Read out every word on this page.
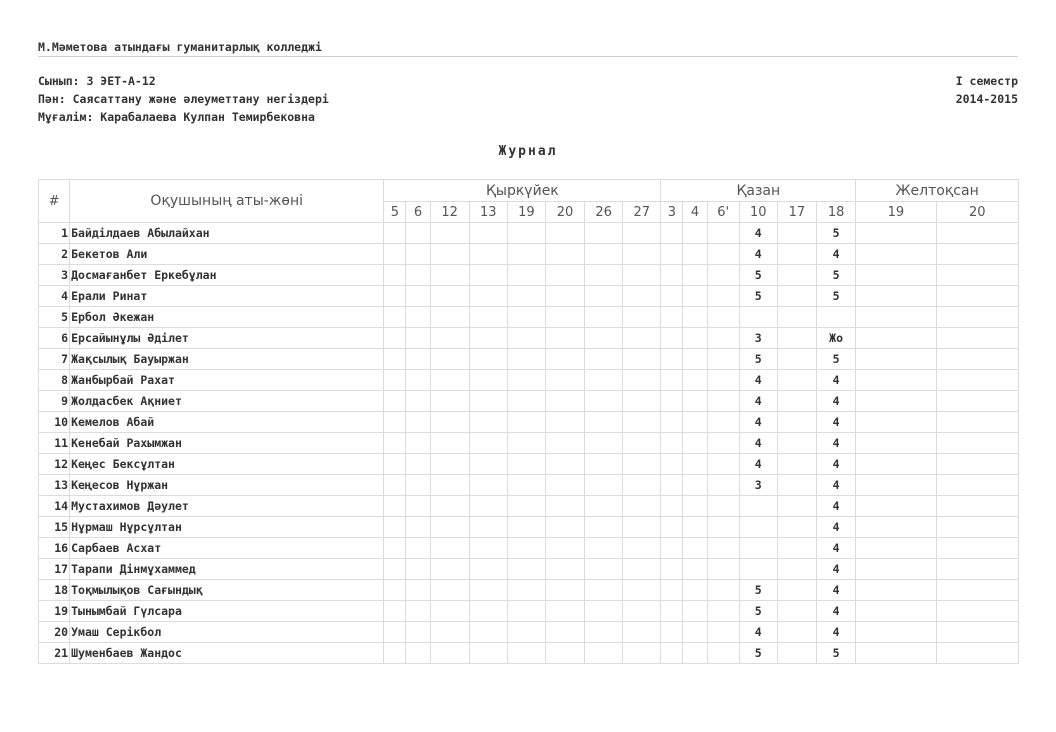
М.Мәметова атындағы гуманитарлық колледжі
Сынып: 3 ЭЕТ-А-12
Пән: Саясаттану және әлеуметтану негіздері
Мұғалім: Карабалаева Кулпан Темирбековна
I семестр
2014-2015
Журнал
#	Оқушының аты-жөні	Қыркүйек								Қазан						Желтоқсан	
		5	6	12	13	19	20	26	27	3	4	6'	10	17	18	19	20
1	Байділдаев Абылайхан												4		5		
2	Бекетов Али												4		4		
3	Досмағанбет Еркебұлан												5		5		
4	Ерали Ринат												5		5		
5	Ербол Әкежан																
6	Ерсайынұлы Әділет												3		Жо		
7	Жақсылық Бауыржан												5		5		
8	Жанбырбай Рахат												4		4		
9	Жолдасбек Ақниет												4		4		
10	Кемелов Абай												4		4		
11	Кенебай Рахымжан												4		4		
12	Кеңес Бексұлтан												4		4		
13	Кеңесов Нұржан												3		4		
14	Мустахимов Дәулет														4		
15	Нұрмаш Нұрсұлтан														4		
16	Сарбаев Асхат														4		
17	Тарапи Дінмұхаммед														4		
18	Тоқмылықов Сағындық												5		4		
19	Тынымбай Гүлсара												5		4		
20	Умаш Серікбол												4		4		
21	Шуменбаев Жандос												5		5		
